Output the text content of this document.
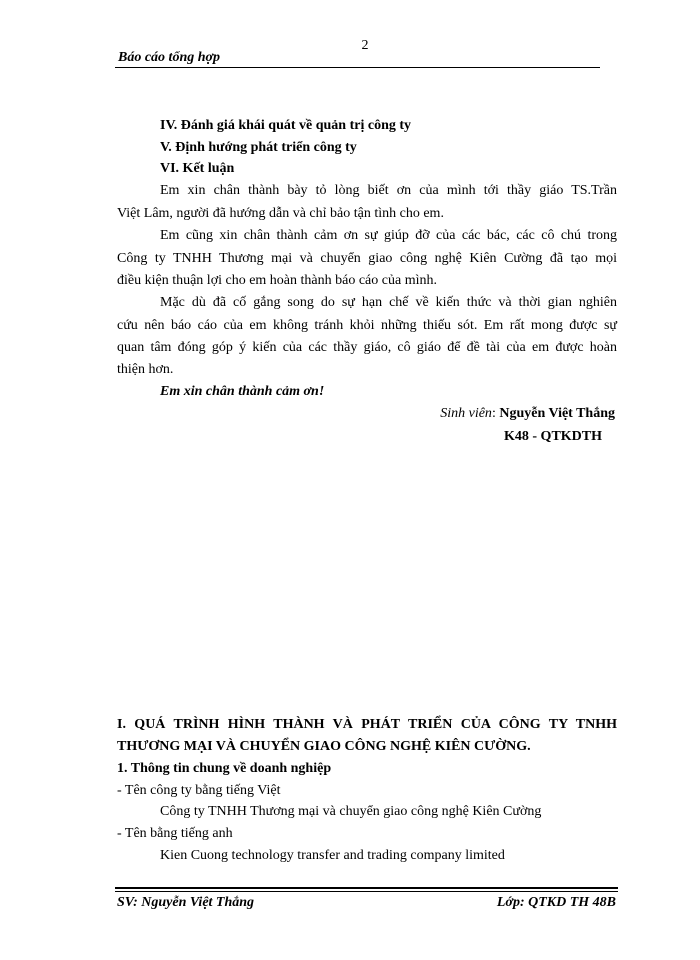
2
Báo cáo tổng hợp
IV. Đánh giá khái quát về quản trị công ty
V. Định hướng phát triển công ty
VI. Kết luận
Em xin chân thành bày tỏ lòng biết ơn của mình tới thầy giáo TS.Trần
Việt Lâm, người đã hướng dẫn và chỉ bảo tận tình cho em.
Em cũng xin chân thành cảm ơn sự giúp đỡ của các bác, các cô chú trong
Công ty TNHH Thương mại và chuyển giao công nghệ Kiên Cường đã tạo mọi
điều kiện thuận lợi cho em hoàn thành báo cáo của mình.
Mặc dù đã cố gắng song do sự hạn chế về kiến thức và thời gian nghiên
cứu nên báo cáo của em không tránh khỏi những thiếu sót. Em rất mong được sự
quan tâm đóng góp ý kiến của các thầy giáo, cô giáo để đề tài của em được hoàn
thiện hơn.
Em xin chân thành cảm ơn!
Sinh viên: Nguyễn Việt Thắng
K48 - QTKDTH
I. QUÁ TRÌNH HÌNH THÀNH VÀ PHÁT TRIỂN CỦA CÔNG TY TNHH
THƯƠNG MẠI VÀ CHUYỂN GIAO CÔNG NGHỆ KIÊN CƯỜNG.
1. Thông tin chung về doanh nghiệp
- Tên công ty bằng tiếng Việt
Công ty TNHH Thương mại và chuyển giao công nghệ Kiên Cường
- Tên bằng tiếng anh
Kien Cuong technology transfer and trading company limited
SV: Nguyễn Việt Thắng	Lớp: QTKD TH 48B
